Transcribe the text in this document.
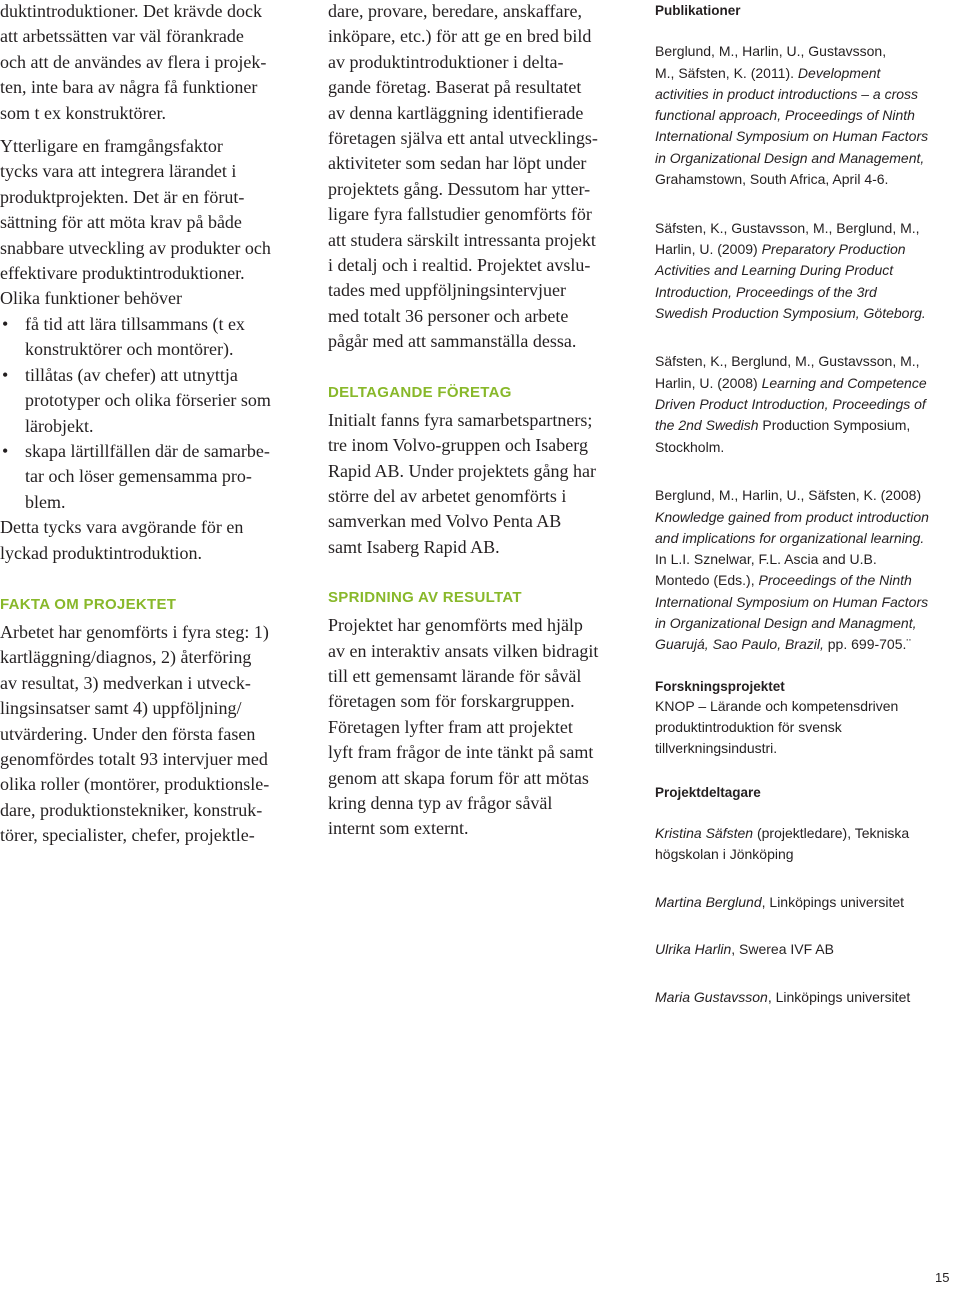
duktintroduktioner. Det krävde dock
att arbetssätten var väl förankrade
och att de användes av flera i projek-
ten, inte bara av några få funktioner
som t ex konstruktörer.

Ytterligare en framgångsfaktor
tycks vara att integrera lärandet i
produktprojekten. Det är en förut-
sättning för att möta krav på både
snabbare utveckling av produkter och
effektivare produktintroduktioner.
Olika funktioner behöver

• få tid att lära tillsammans (t ex
konstruktörer och montörer).
• tillåtas (av chefer) att utnyttja
prototyper och olika förserier som
lärobjekt.
• skapa lärtillfällen där de samarbe-
tar och löser gemensamma pro-
blem.

Detta tycks vara avgörande för en
lyckad produktintroduktion.

FAKTA OM PROJEKTET

Arbetet har genomförts i fyra steg: 1)
kartläggning/diagnos, 2) återföring
av resultat, 3) medverkan i utveck-
lingsinsatser samt 4) uppföljning/
utvärdering. Under den första fasen
genomfördes totalt 93 intervjuer med
olika roller (montörer, produktionsle-
dare, produktionstekniker, konstruk-
törer, specialister, chefer, projektle-

dare, provare, beredare, anskaffare,
inköpare, etc.) för att ge en bred bild
av produktintroduktioner i delta-
gande företag. Baserat på resultatet
av denna kartläggning identifierade
företagen själva ett antal utvecklings-
aktiviteter som sedan har löpt under
projektets gång. Dessutom har ytter-
ligare fyra fallstudier genomförts för
att studera särskilt intressanta projekt
i detalj och i realtid. Projektet avslu-
tades med uppföljningsintervjuer
med totalt 36 personer och arbete
pågår med att sammanställa dessa.

DELTAGANDE FÖRETAG

Initialt fanns fyra samarbetspartners;
tre inom Volvo-gruppen och Isaberg
Rapid AB. Under projektets gång har
större del av arbetet genomförts i
samverkan med Volvo Penta AB
samt Isaberg Rapid AB.

SPRIDNING AV RESULTAT

Projektet har genomförts med hjälp
av en interaktiv ansats vilken bidragit
till ett gemensamt lärande för såväl
företagen som för forskargruppen.
Företagen lyfter fram att projektet
lyft fram frågor de inte tänkt på samt
genom att skapa forum för att mötas
kring denna typ av frågor såväl
internt som externt.

Publikationer

Berglund, M., Harlin, U., Gustavsson,
M., Säfsten, K. (2011). Development
activities in product introductions – a cross
functional approach, Proceedings of Ninth
International Symposium on Human Factors
in Organizational Design and Management,
Grahamstown, South Africa, April 4-6.

Säfsten, K., Gustavsson, M., Berglund, M.,
Harlin, U. (2009) Preparatory Production
Activities and Learning During Product
Introduction, Proceedings of the 3rd
Swedish Production Symposium, Göteborg.

Säfsten, K., Berglund, M., Gustavsson, M.,
Harlin, U. (2008) Learning and Competence
Driven Product Introduction, Proceedings of
the 2nd Swedish Production Symposium,
Stockholm.

Berglund, M., Harlin, U., Säfsten, K. (2008)
Knowledge gained from product introduction
and implications for organizational learning.
In L.I. Sznelwar, F.L. Ascia and U.B.
Montedo (Eds.), Proceedings of the Ninth
International Symposium on Human Factors
in Organizational Design and Managment,
Guarujá, Sao Paulo, Brazil, pp. 699-705.¨

Forskningsprojektet

KNOP – Lärande och kompetensdriven
produktintroduktion för svensk
tillverkningsindustri.

Projektdeltagare

Kristina Säfsten (projektledare), Tekniska
högskolan i Jönköping

Martina Berglund, Linköpings universitet

Ulrika Harlin, Swerea IVF AB

Maria Gustavsson, Linköpings universitet

15
